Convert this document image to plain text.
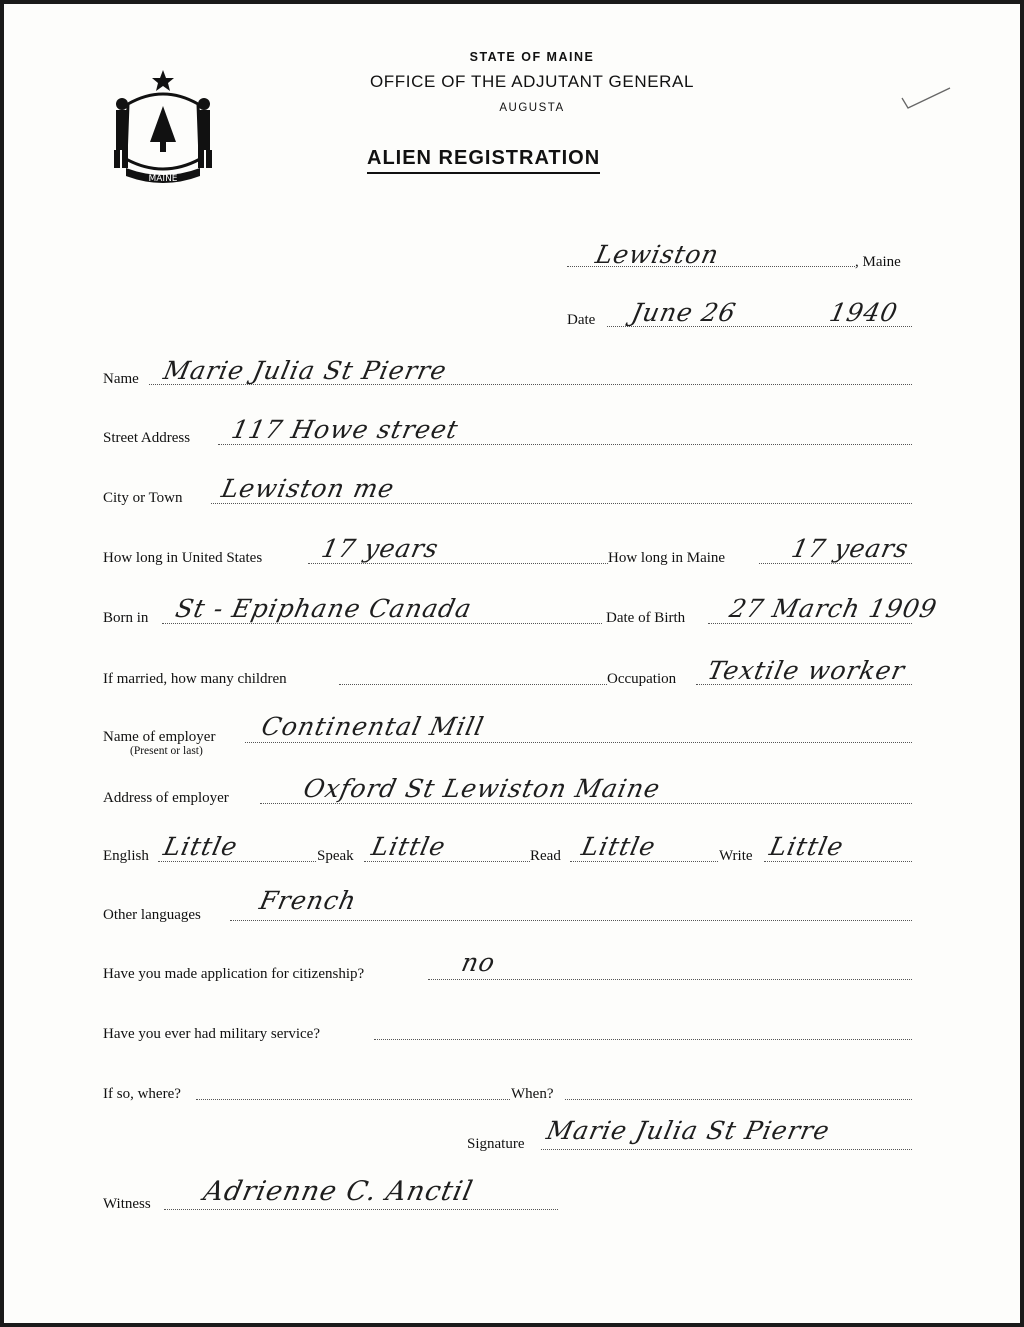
MAINE
STATE OF MAINE
OFFICE OF THE ADJUTANT GENERAL
AUGUSTA
ALIEN REGISTRATION
Lewiston	, Maine
Date June 26	1940
Name Marie Julia St Pierre
Street Address 117 Howe street
City or Town Lewiston me
How long in United States 17 years	How long in Maine	17 years
Born in St - Epiphane Canada	Date of Birth 27 March 1909
If married, how many children	Occupation Textile worker
Name of employer
(Present or last)
Continental Mill
Address of employer	Oxford St Lewiston Maine
English Little	Speak Little	Read Little	Write Little
Other languages French
Have you made application for citizenship?	no
Have you ever had military service?
If so, where?	When?
Signature Marie Julia St Pierre
Witness Adrienne C. Anctil
